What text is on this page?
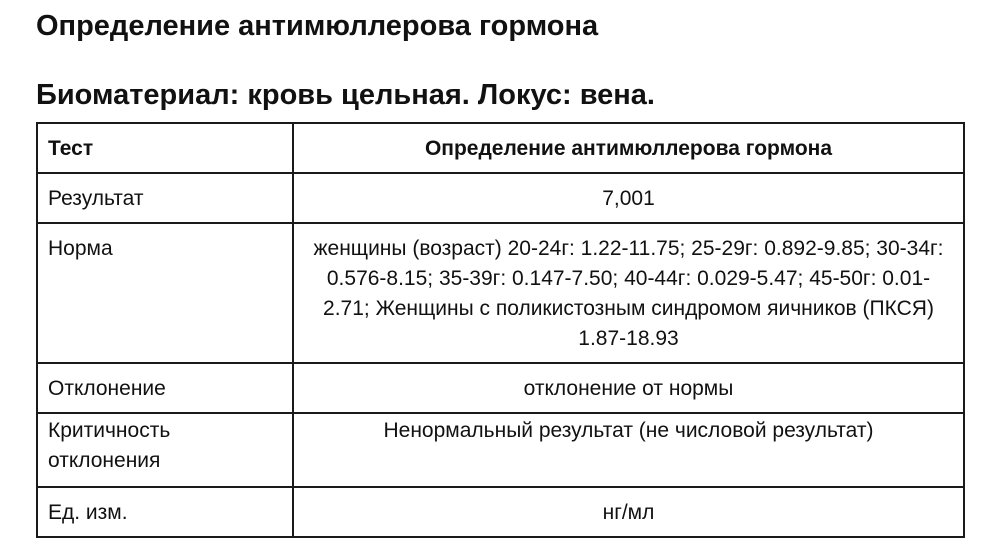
Определение антимюллерова гормона
Биоматериал: кровь цельная. Локус: вена.
Тест	Определение антимюллерова гормона
Результат	7,001
Норма	женщины (возраст) 20-24г: 1.22-11.75; 25-29г: 0.892-9.85; 30-34г: 0.576-8.15; 35-39г: 0.147-7.50; 40-44г: 0.029-5.47; 45-50г: 0.01-2.71; Женщины с поликистозным синдромом яичников (ПКСЯ) 1.87-18.93

Отклонение	отклонение от нормы
Критичность отклонения	Ненормальный результат (не числовой результат)
Ед. изм.	нг/мл
